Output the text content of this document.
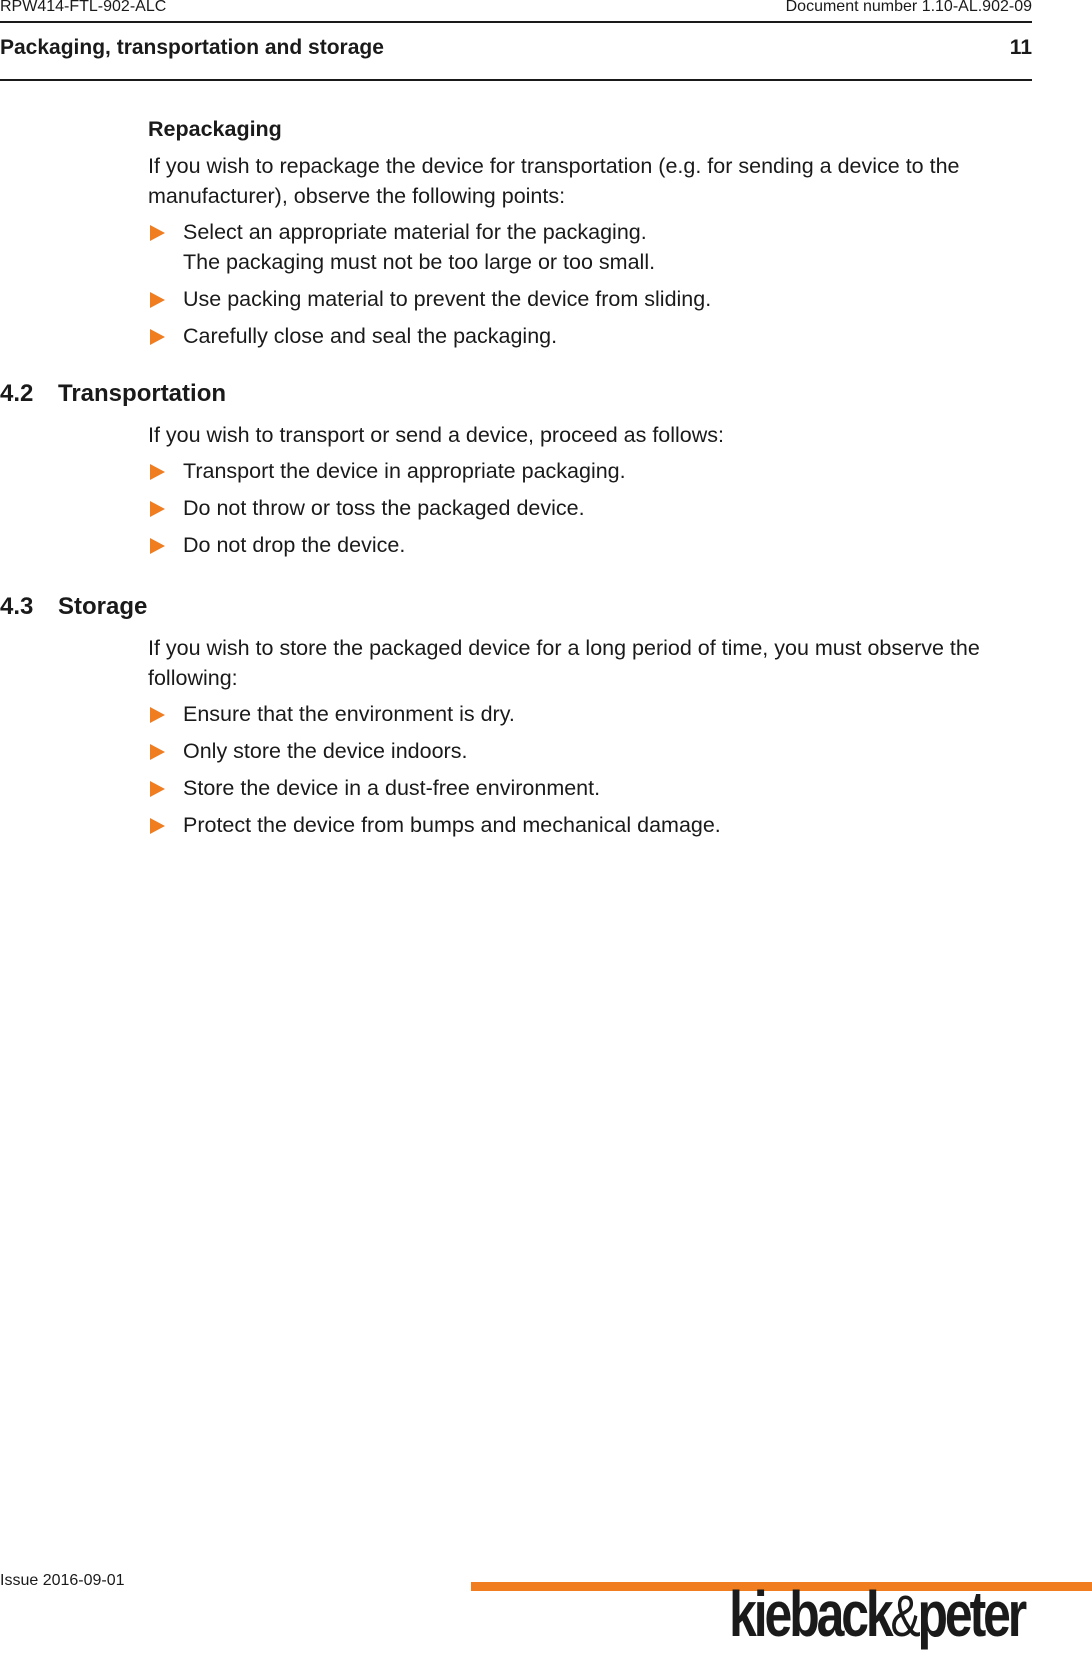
RPW414-FTL-902-ALC	Document number 1.10-AL.902-09
Packaging, transportation and storage	11
Repackaging
If you wish to repackage the device for transportation (e.g. for sending a device to the manufacturer), observe the following points:
Select an appropriate material for the packaging.
The packaging must not be too large or too small.
Use packing material to prevent the device from sliding.
Carefully close and seal the packaging.
4.2 Transportation
If you wish to transport or send a device, proceed as follows:
Transport the device in appropriate packaging.
Do not throw or toss the packaged device.
Do not drop the device.
4.3 Storage
If you wish to store the packaged device for a long period of time, you must observe the following:
Ensure that the environment is dry.
Only store the device indoors.
Store the device in a dust-free environment.
Protect the device from bumps and mechanical damage.
Issue 2016-09-01	kieback&peter
